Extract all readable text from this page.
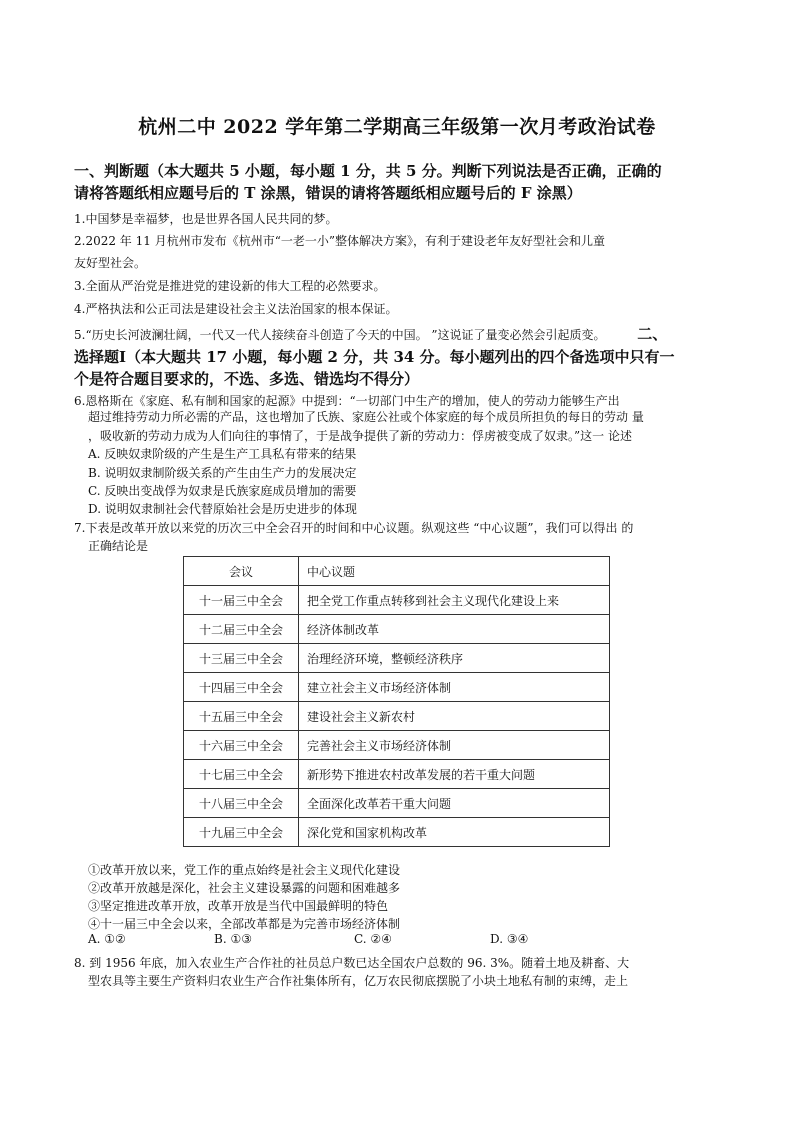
杭州二中 2022 学年第二学期高三年级第一次月考政治试卷
一、判断题（本大题共 5 小题，每小题 1 分，共 5 分。判断下列说法是否正确，正确的
请将答题纸相应题号后的 T 涂黑，错误的请将答题纸相应题号后的 F 涂黑）
1.中国梦是幸福梦，也是世界各国人民共同的梦。
2.2022 年 11 月杭州市发布《杭州市“一老一小”整体解决方案》，有利于建设老年友好型社会和儿童
友好型社会。
3.全面从严治党是推进党的建设新的伟大工程的必然要求。
4.严格执法和公正司法是建设社会主义法治国家的根本保证。
5.“历史长河波澜壮阔，一代又一代人接续奋斗创造了今天的中国。 ”这说证了量变必然会引起质变。 二、
选择题Ⅰ（本大题共 17 小题，每小题 2 分，共 34 分。每小题列出的四个备选项中只有一
个是符合题目要求的，不选、多选、错选均不得分）
6.恩格斯在《家庭、私有制和国家的起源》中提到：“一切部门中生产的增加，使人的劳动力能够生产出
超过维持劳动力所必需的产品，这也增加了氏族、家庭公社或个体家庭的每个成员所担负的每日的劳动 量
，吸收新的劳动力成为人们向往的事情了，于是战争提供了新的劳动力：俘虏被变成了奴隶。”这一 论述
A. 反映奴隶阶级的产生是生产工具私有带来的结果
B. 说明奴隶制阶级关系的产生由生产力的发展决定
C. 反映出变战俘为奴隶是氏族家庭成员增加的需要
D. 说明奴隶制社会代替原始社会是历史进步的体现
7.下表是改革开放以来党的历次三中全会召开的时间和中心议题。纵观这些 “中心议题”，我们可以得出 的
正确结论是
会议	中心议题
十一届三中全会	把全党工作重点转移到社会主义现代化建设上来
十二届三中全会	经济体制改革
十三届三中全会	治理经济环境，整顿经济秩序
十四届三中全会	建立社会主义市场经济体制
十五届三中全会	建设社会主义新农村
十六届三中全会	完善社会主义市场经济体制
十七届三中全会	新形势下推进农村改革发展的若干重大问题
十八届三中全会	全面深化改革若干重大问题
十九届三中全会	深化党和国家机构改革
①改革开放以来，党工作的重点始终是社会主义现代化建设
②改革开放越是深化，社会主义建设暴露的问题和困难越多
③坚定推进改革开放，改革开放是当代中国最鲜明的特色
④十一届三中全会以来，全部改革都是为完善市场经济体制
A. ①②	B. ①③	C. ②④	D. ③④
8. 到 1956 年底，加入农业生产合作社的社员总户数已达全国农户总数的 96. 3%。随着土地及耕畜、大
型农具等主要生产资料归农业生产合作社集体所有，亿万农民彻底摆脱了小块土地私有制的束缚，走上
